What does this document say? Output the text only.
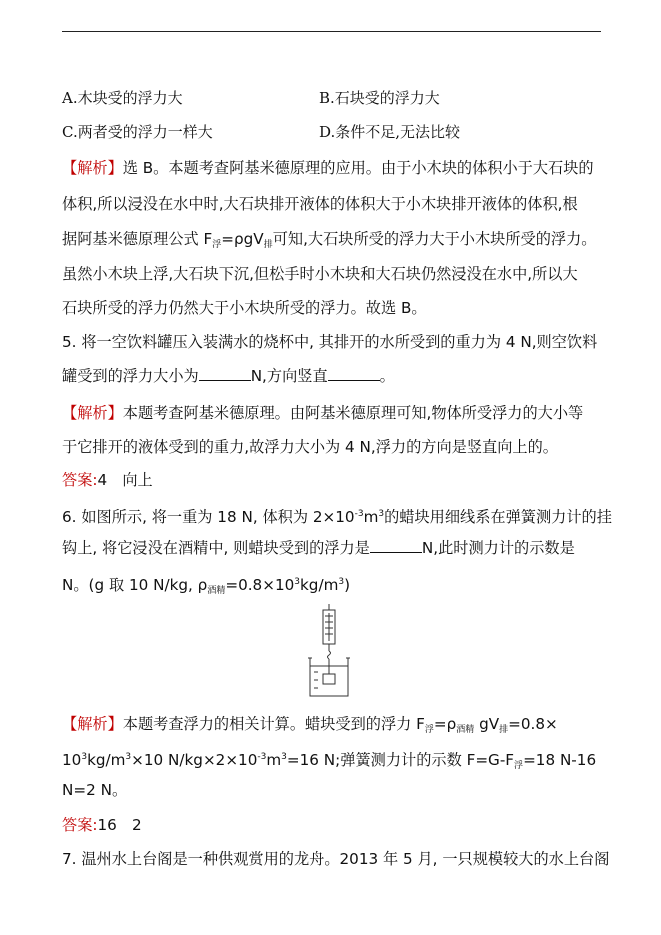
A.木块受的浮力大	B.石块受的浮力大
C.两者受的浮力一样大	D.条件不足,无法比较
【解析】选 B。本题考查阿基米德原理的应用。由于小木块的体积小于大石块的
体积,所以浸没在水中时,大石块排开液体的体积大于小木块排开液体的体积,根
据阿基米德原理公式 $F_浮=\rho gV_排$可知,大石块所受的浮力大于小木块所受的浮力。
虽然小木块上浮,大石块下沉,但松手时小木块和大石块仍然浸没在水中,所以大
石块所受的浮力仍然大于小木块所受的浮力。故选 B。
5. 将一空饮料罐压入装满水的烧杯中, 其排开的水所受到的重力为 4 N,则空饮料
罐受到的浮力大小为	N,方向竖直	。
【解析】本题考查阿基米德原理。由阿基米德原理可知,物体所受浮力的大小等
于它排开的液体受到的重力,故浮力大小为 4 N,浮力的方向是竖直向上的。
答案:4　向上
6. 如图所示, 将一重为 18 N, 体积为 $2\times 10^{-3}m^3$的蜡块用细线系在弹簧测力计的挂
钩上, 将它浸没在酒精中, 则蜡块受到的浮力是	N,此时测力计的示数是
N。(g 取 10 N/kg, $\rho_{酒精}=0.8\times 10^3kg/m^3$)
【解析】本题考查浮力的相关计算。蜡块受到的浮力 $F_浮=\rho_{酒精}$ $gV_排=0.8\times$
$10^3kg/m^3\times 10$ $N/kg\times 2\times 10^{-3}m^3=16$ N;弹簧测力计的示数 $F=G-F_浮=18$ N-16
N=2 N。
答案:16　2
7. 温州水上台阁是一种供观赏用的龙舟。2013 年 5 月, 一只规模较大的水上台阁
